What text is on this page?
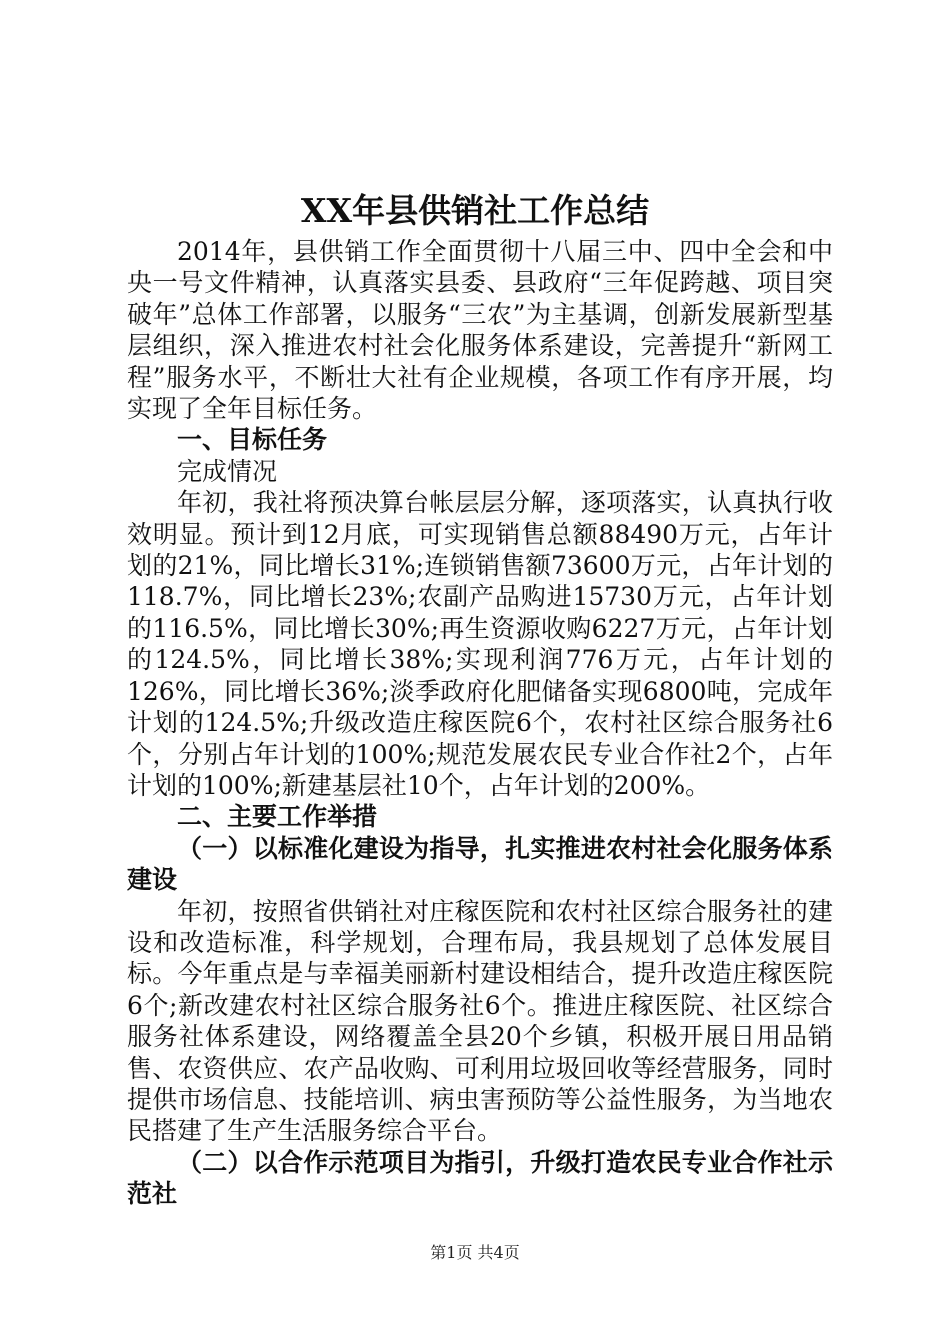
XX年县供销社工作总结

2014年，县供销工作全面贯彻十八届三中、四中全会和中央一号文件精神，认真落实县委、县政府“三年促跨越、项目突破年”总体工作部署，以服务“三农”为主基调，创新发展新型基层组织，深入推进农村社会化服务体系建设，完善提升“新网工程”服务水平，不断壮大社有企业规模，各项工作有序开展，均实现了全年目标任务。

一、目标任务

完成情况

年初，我社将预决算台帐层层分解，逐项落实，认真执行收效明显。预计到12月底，可实现销售总额88490万元，占年计划的21%，同比增长31%;连锁销售额73600万元，占年计划的118.7%，同比增长23%;农副产品购进15730万元，占年计划的116.5%，同比增长30%;再生资源收购6227万元，占年计划的124.5%，同比增长38%;实现利润776万元，占年计划的126%，同比增长36%;淡季政府化肥储备实现6800吨，完成年计划的124.5%;升级改造庄稼医院6个，农村社区综合服务社6个，分别占年计划的100%;规范发展农民专业合作社2个，占年计划的100%;新建基层社10个，占年计划的200%。

二、主要工作举措

（一）以标准化建设为指导，扎实推进农村社会化服务体系建设

年初，按照省供销社对庄稼医院和农村社区综合服务社的建设和改造标准，科学规划，合理布局，我县规划了总体发展目标。今年重点是与幸福美丽新村建设相结合，提升改造庄稼医院6个;新改建农村社区综合服务社6个。推进庄稼医院、社区综合服务社体系建设，网络覆盖全县20个乡镇，积极开展日用品销售、农资供应、农产品收购、可利用垃圾回收等经营服务，同时提供市场信息、技能培训、病虫害预防等公益性服务，为当地农民搭建了生产生活服务综合平台。

（二）以合作示范项目为指引，升级打造农民专业合作社示范社

第1页 共4页
